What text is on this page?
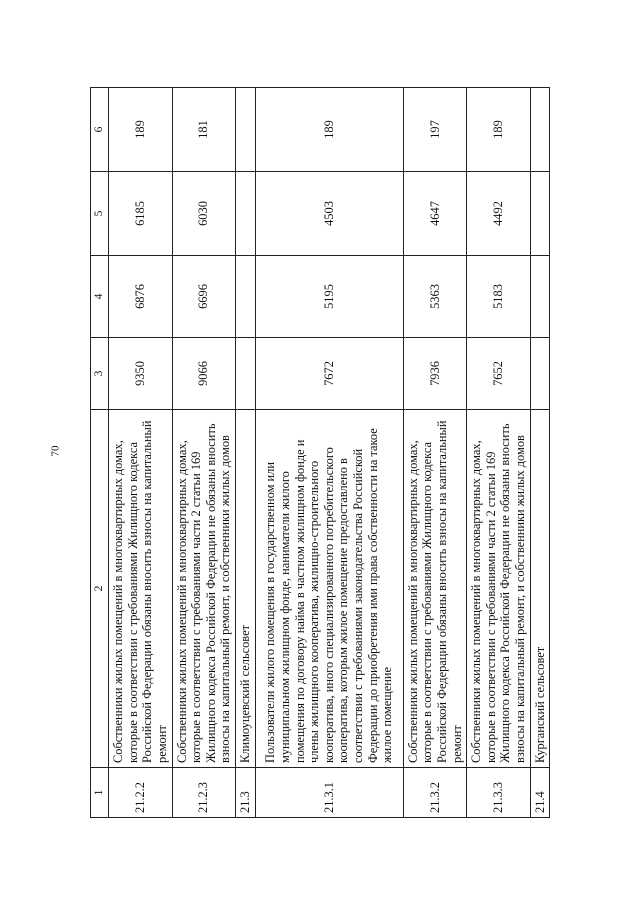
70
1	2	3	4	5	6
21.2.2	Собственники жилых помещений в многоквартирных домах, которые в соответствии с требованиями Жилищного кодекса Российской Федерации обязаны вносить взносы на капитальный ремонт	9350	6876	6185	189
21.2.3	Собственники жилых помещений в многоквартирных домах, которые в соответствии с требованиями части 2 статьи 169 Жилищного кодекса Российской Федерации не обязаны вносить взносы на капитальный ремонт, и собственники жилых домов	9066	6696	6030	181
21.3	Климоуцевский сельсовет				
21.3.1	Пользователи жилого помещения в государственном или муниципальном жилищном фонде, наниматели жилого помещения по договору найма в частном жилищном фонде и члены жилищного кооператива, жилищно-строительного кооператива, иного специализированного потребительского кооператива, которым жилое помещение предоставлено в соответствии с требованиями законодательства Российской Федерации до приобретения ими права собственности на такое жилое помещение	7672	5195	4503	189
21.3.2	Собственники жилых помещений в многоквартирных домах, которые в соответствии с требованиями Жилищного кодекса Российской Федерации обязаны вносить взносы на капитальный ремонт	7936	5363	4647	197
21.3.3	Собственники жилых помещений в многоквартирных домах, которые в соответствии с требованиями части 2 статьи 169 Жилищного кодекса Российской Федерации не обязаны вносить взносы на капитальный ремонт, и собственники жилых домов	7652	5183	4492	189
21.4	Курганский сельсовет				
